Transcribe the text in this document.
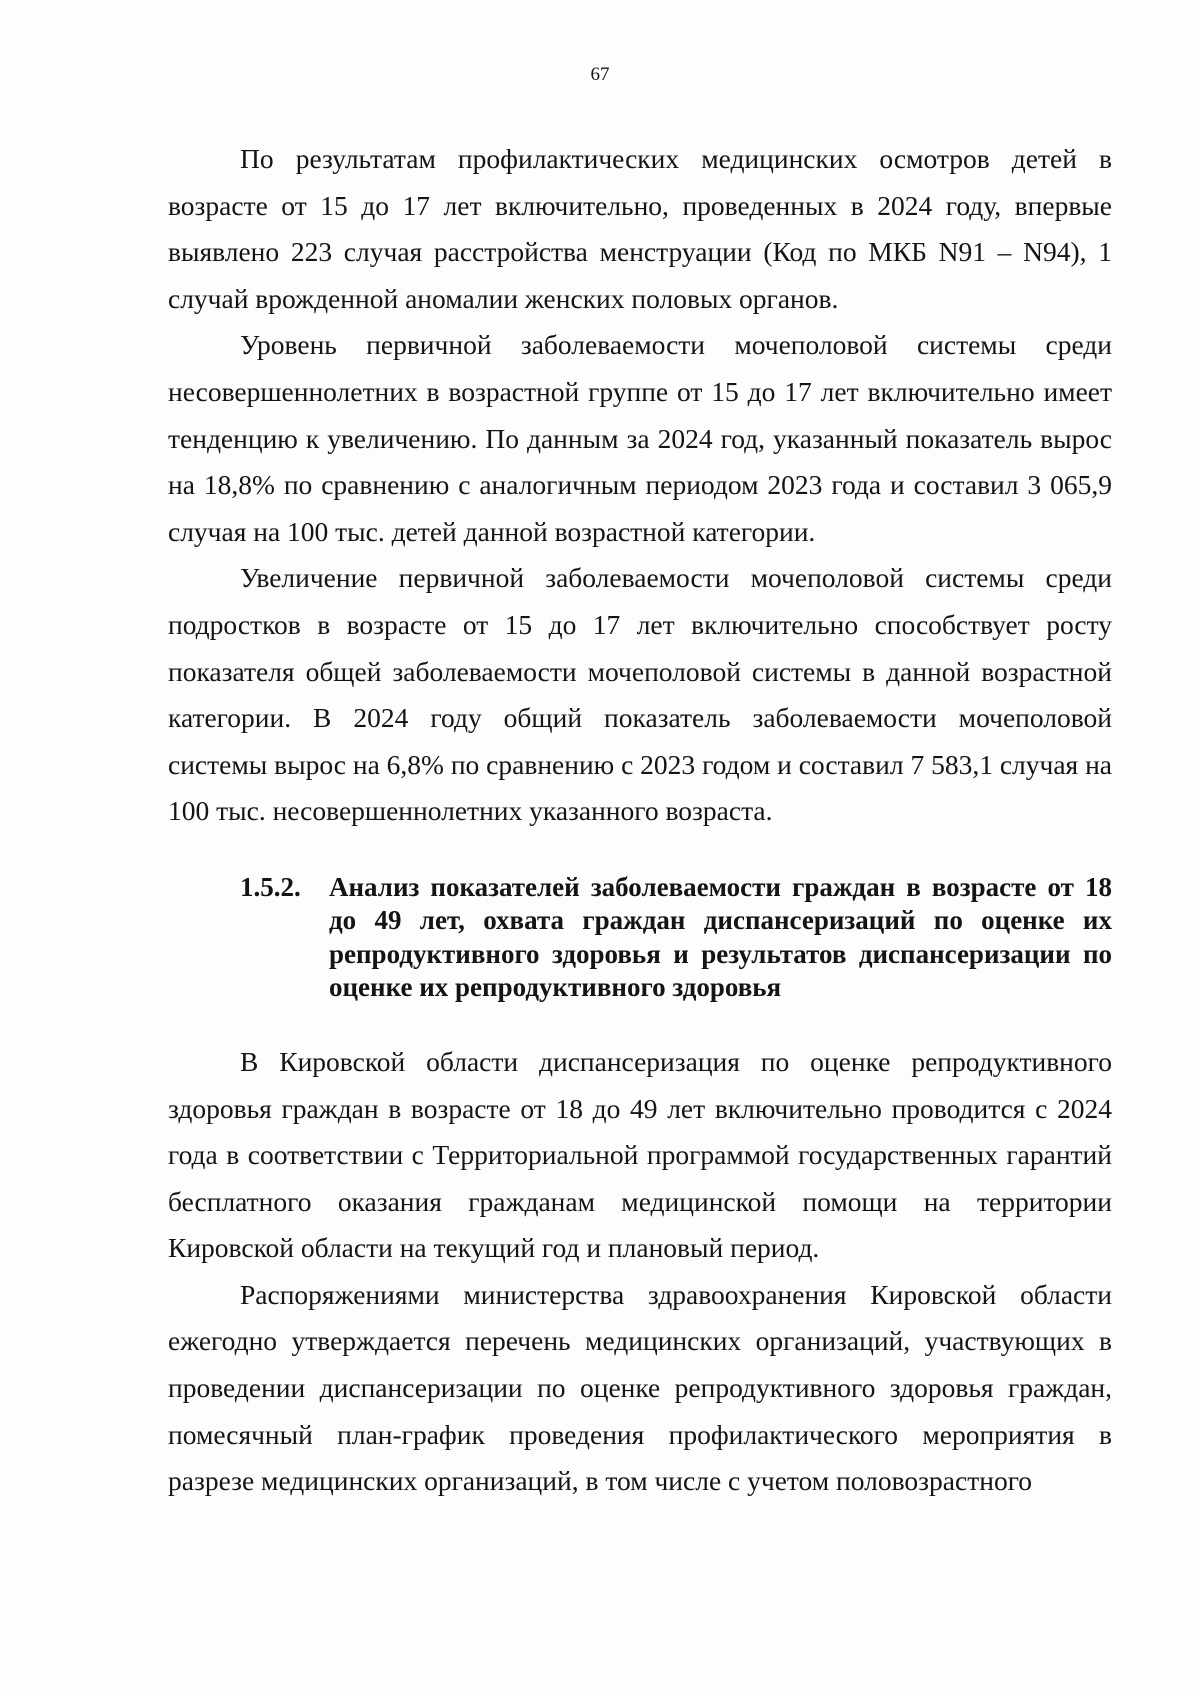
67

По результатам профилактических медицинских осмотров детей в возрасте от 15 до 17 лет включительно, проведенных в 2024 году, впервые выявлено 223 случая расстройства менструации (Код по МКБ N91 – N94), 1 случай врожденной аномалии женских половых органов.

Уровень первичной заболеваемости мочеполовой системы среди несовершеннолетних в возрастной группе от 15 до 17 лет включительно имеет тенденцию к увеличению. По данным за 2024 год, указанный показатель вырос на 18,8% по сравнению с аналогичным периодом 2023 года и составил 3 065,9 случая на 100 тыс. детей данной возрастной категории.

Увеличение первичной заболеваемости мочеполовой системы среди подростков в возрасте от 15 до 17 лет включительно способствует росту показателя общей заболеваемости мочеполовой системы в данной возрастной категории. В 2024 году общий показатель заболеваемости мочеполовой системы вырос на 6,8% по сравнению с 2023 годом и составил 7 583,1 случая на 100 тыс. несовершеннолетних указанного возраста.

1.5.2.	Анализ показателей заболеваемости граждан в возрасте от 18 до 49 лет, охвата граждан диспансеризаций по оценке их репродуктивного здоровья и результатов диспансеризации по оценке их репродуктивного здоровья

В Кировской области диспансеризация по оценке репродуктивного здоровья граждан в возрасте от 18 до 49 лет включительно проводится с 2024 года в соответствии с Территориальной программой государственных гарантий бесплатного оказания гражданам медицинской помощи на территории Кировской области на текущий год и плановый период.

Распоряжениями министерства здравоохранения Кировской области ежегодно утверждается перечень медицинских организаций, участвующих в проведении диспансеризации по оценке репродуктивного здоровья граждан, помесячный план-график проведения профилактического мероприятия в разрезе медицинских организаций, в том числе с учетом половозрастного
